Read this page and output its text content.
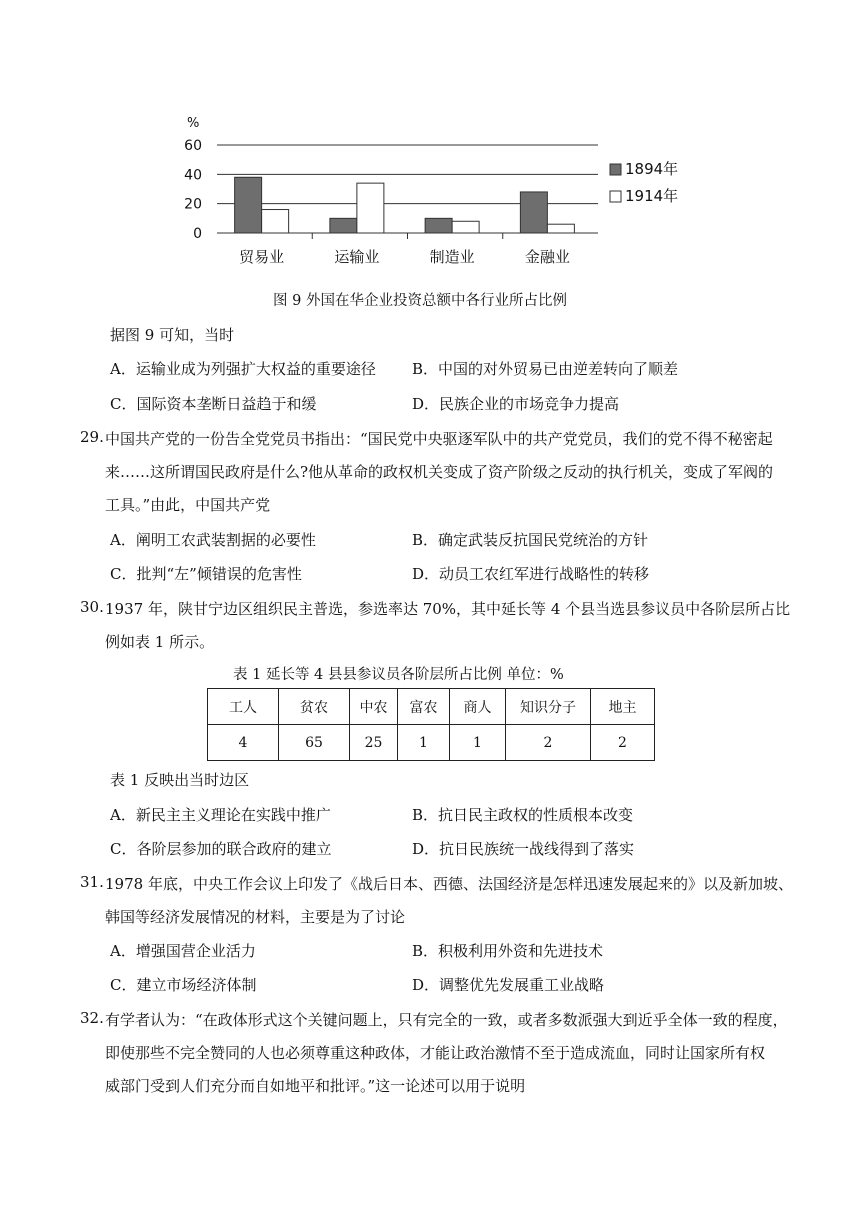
%
0
20
40
60
贸易业	运输业	制造业	金融业
1894年
1914年
图 9 外国在华企业投资总额中各行业所占比例
据图 9 可知，当时
A．运输业成为列强扩大权益的重要途径 B．中国的对外贸易已由逆差转向了顺差
C．国际资本垄断日益趋于和缓	D．民族企业的市场竞争力提高
29. 中国共产党的一份告全党党员书指出：“国民党中央驱逐军队中的共产党党员，我们的党不得不秘密起
来……这所谓国民政府是什么?他从革命的政权机关变成了资产阶级之反动的执行机关，变成了军阀的
工具。”由此，中国共产党
A．阐明工农武装割据的必要性	B．确定武装反抗国民党统治的方针
C．批判“左”倾错误的危害性	D．动员工农红军进行战略性的转移
30. 1937 年，陕甘宁边区组织民主普选，参选率达 70%，其中延长等 4 个县当选县参议员中各阶层所占比
例如表 1 所示。
表 1 延长等 4 县县参议员各阶层所占比例 单位：%
工人	贫农	中农	富农	商人	知识分子	地主
4	65	25	1	1	2	2
表 1 反映出当时边区
A．新民主主义理论在实践中推广	B．抗日民主政权的性质根本改变
C．各阶层参加的联合政府的建立	D．抗日民族统一战线得到了落实
31. 1978 年底，中央工作会议上印发了《战后日本、西德、法国经济是怎样迅速发展起来的》以及新加坡、
韩国等经济发展情况的材料，主要是为了讨论
A．增强国营企业活力	B．积极利用外资和先进技术
C．建立市场经济体制	D．调整优先发展重工业战略
32. 有学者认为：“在政体形式这个关键问题上，只有完全的一致，或者多数派强大到近乎全体一致的程度，
即使那些不完全赞同的人也必须尊重这种政体，才能让政治激情不至于造成流血，同时让国家所有权
威部门受到人们充分而自如地平和批评。”这一论述可以用于说明
